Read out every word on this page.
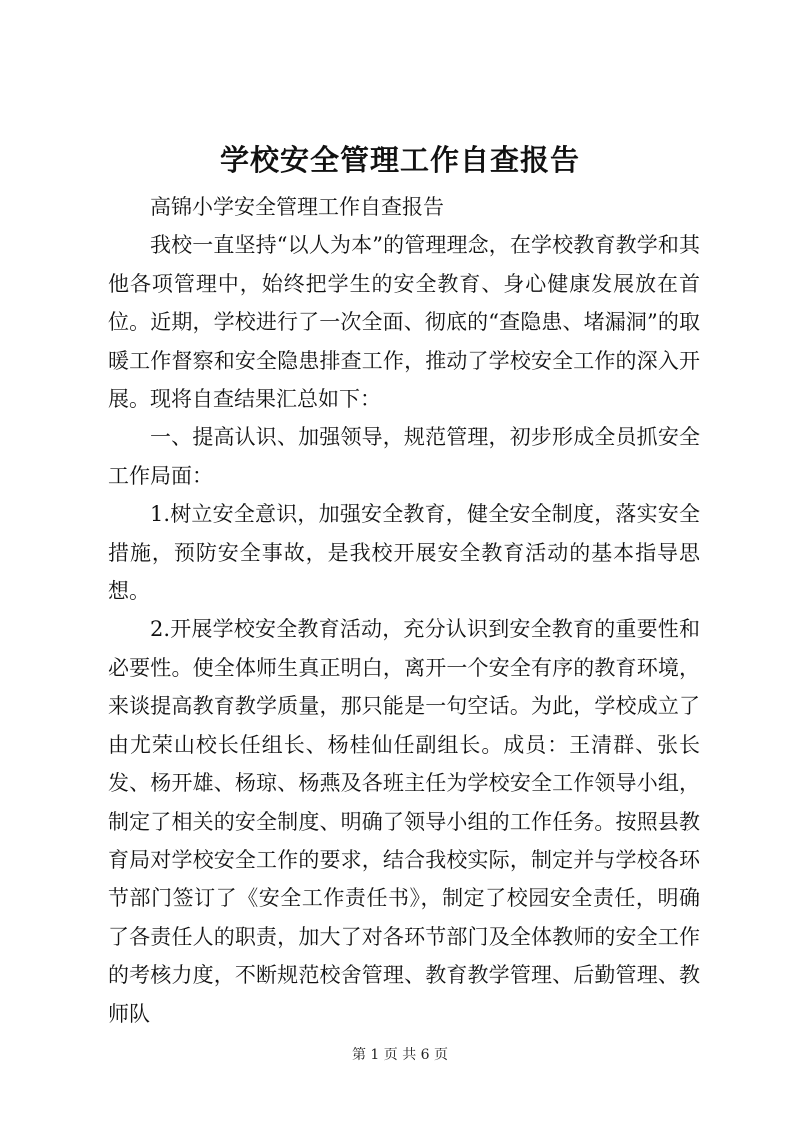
学校安全管理工作自查报告

高锦小学安全管理工作自查报告

我校一直坚持“以人为本”的管理理念，在学校教育教学和其他各项管理中，始终把学生的安全教育、身心健康发展放在首位。近期，学校进行了一次全面、彻底的“查隐患、堵漏洞”的取暖工作督察和安全隐患排查工作，推动了学校安全工作的深入开展。现将自查结果汇总如下：

一、提高认识、加强领导，规范管理，初步形成全员抓安全工作局面：

1.树立安全意识，加强安全教育，健全安全制度，落实安全措施，预防安全事故，是我校开展安全教育活动的基本指导思想。

2.开展学校安全教育活动，充分认识到安全教育的重要性和必要性。使全体师生真正明白，离开一个安全有序的教育环境，来谈提高教育教学质量，那只能是一句空话。为此，学校成立了由尤荣山校长任组长、杨桂仙任副组长。成员：王清群、张长发、杨开雄、杨琼、杨燕及各班主任为学校安全工作领导小组，制定了相关的安全制度、明确了领导小组的工作任务。按照县教育局对学校安全工作的要求，结合我校实际，制定并与学校各环节部门签订了《安全工作责任书》，制定了校园安全责任，明确了各责任人的职责，加大了对各环节部门及全体教师的安全工作的考核力度，不断规范校舍管理、教育教学管理、后勤管理、教师队

第 1 页 共 6 页
